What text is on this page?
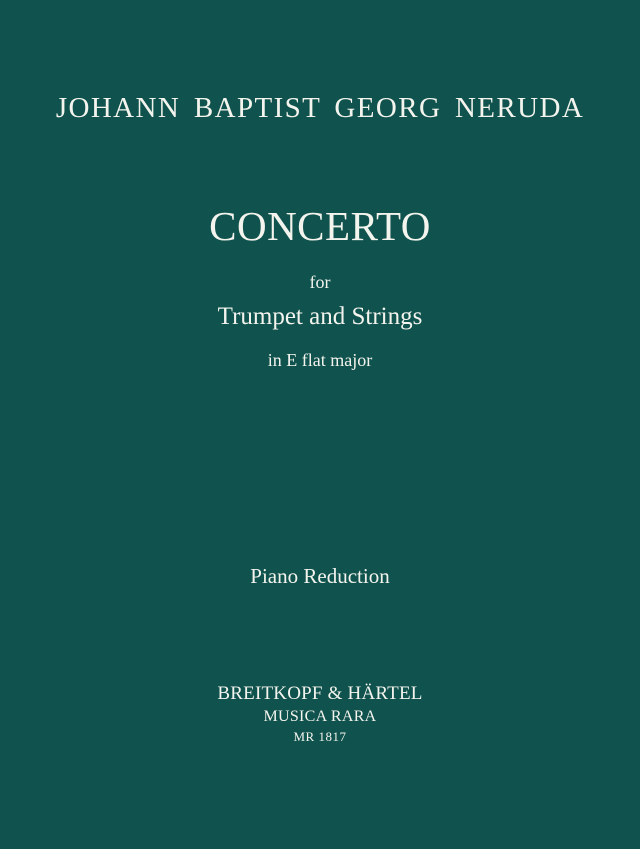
JOHANN BAPTIST GEORG NERUDA
CONCERTO
for
Trumpet and Strings
in E flat major
Piano Reduction
BREITKOPF & HÄRTEL
MUSICA RARA
MR 1817
